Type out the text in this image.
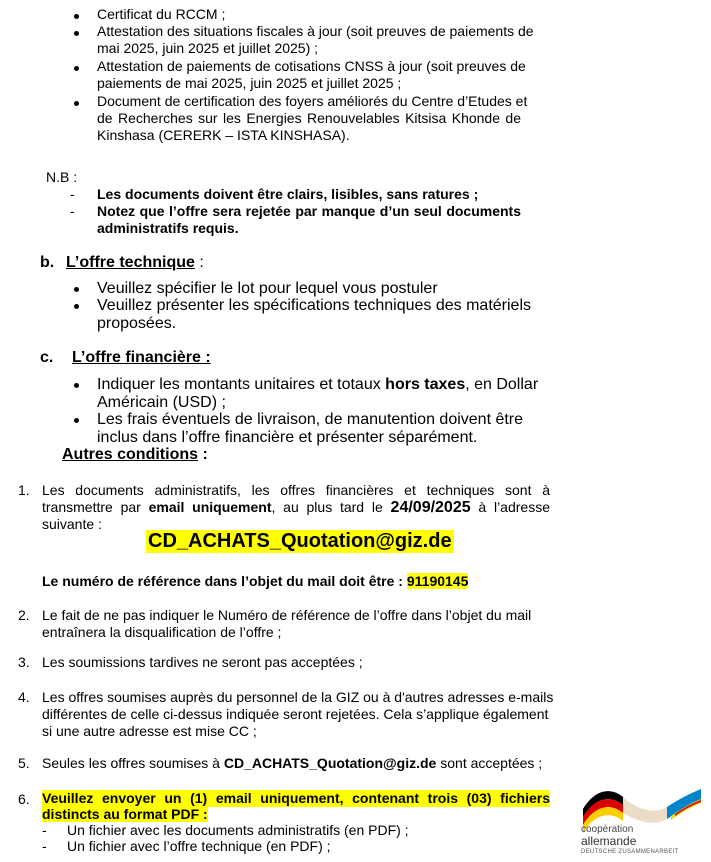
Certificat du RCCM ;
Attestation des situations fiscales à jour (soit preuves de paiements de
mai 2025, juin 2025 et juillet 2025) ;
Attestation de paiements de cotisations CNSS à jour (soit preuves de
paiements de mai 2025, juin 2025 et juillet 2025 ;
Document de certification des foyers améliorés du Centre d’Etudes et
de Recherches sur les Energies Renouvelables Kitsisa Khonde de
Kinshasa (CERERK – ISTA KINSHASA).
N.B :
- Les documents doivent être clairs, lisibles, sans ratures ;
- Notez que l’offre sera rejetée par manque d’un seul documents
administratifs requis.
b. L’offre technique :
Veuillez spécifier le lot pour lequel vous postuler
Veuillez présenter les spécifications techniques des matériels
proposées.
c. L’offre financière :
Indiquer les montants unitaires et totaux hors taxes, en Dollar
Américain (USD) ;
Les frais éventuels de livraison, de manutention doivent être
inclus dans l’offre financière et présenter séparément.
Autres conditions :
1. Les documents administratifs, les offres financières et techniques sont à
transmettre par email uniquement, au plus tard le 24/09/2025 à l’adresse
suivante :
CD_ACHATS_Quotation@giz.de
Le numéro de référence dans l’objet du mail doit être : 91190145
2. Le fait de ne pas indiquer le Numéro de référence de l’offre dans l’objet du mail
entraînera la disqualification de l’offre ;
3. Les soumissions tardives ne seront pas acceptées ;
4. Les offres soumises auprès du personnel de la GIZ ou à d'autres adresses e-mails
différentes de celle ci-dessus indiquée seront rejetées. Cela s’applique également
si une autre adresse est mise CC ;
5. Seules les offres soumises à CD_ACHATS_Quotation@giz.de sont acceptées ;
6. Veuillez envoyer un (1) email uniquement, contenant trois (03) fichiers
distincts au format PDF :
- Un fichier avec les documents administratifs (en PDF) ;
- Un fichier avec l’offre technique (en PDF) ;
coopération
allemande
DEUTSCHE ZUSAMMENARBEIT
